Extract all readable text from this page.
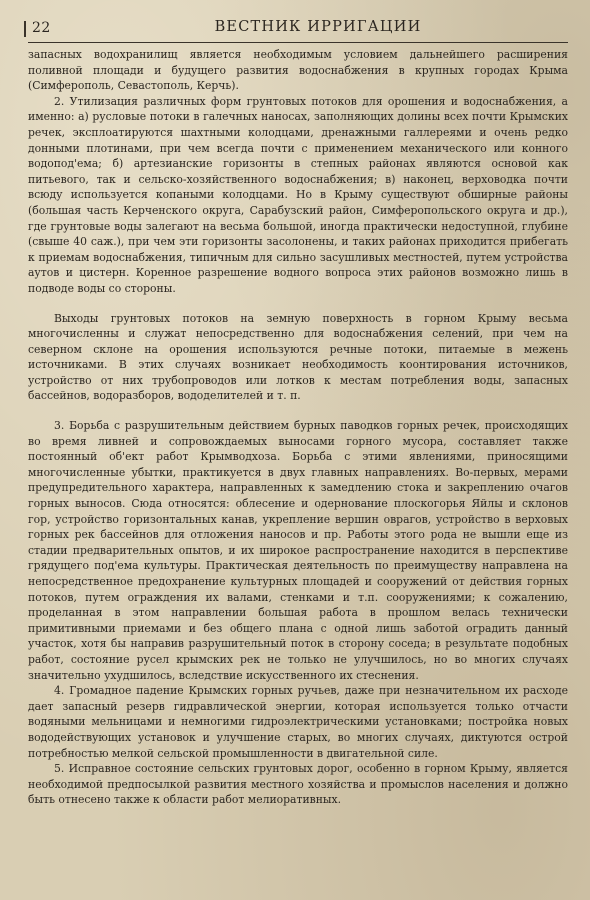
22	ВЕСТНИК ИРРИГАЦИИ

запасных водохранилищ является необходимым условием дальнейшего расширения поливной площади и будущего развития водоснабжения в крупных городах Крыма (Симферополь, Севастополь, Керчь).

2. Утилизация различных форм грунтовых потоков для орошения и водоснабжения, а именно: а) русловые потоки в галечных наносах, заполняющих долины всех почти Крымских речек, эксплоатируются шахтными колодцами, дренажными галлереями и очень редко донными плотинами, при чем всегда почти с применением механического или конного водопод'ема; б) артезианские горизонты в степных районах являются основой как питьевого, так и сельско-хозяйственного водоснабжения; в) наконец, верховодка почти всюду используется копаными колодцами. Но в Крыму существуют обширные районы (большая часть Керченского округа, Сарабузский район, Симферопольского округа и др.), где грунтовые воды залегают на весьма большой, иногда практически недоступной, глубине (свыше 40 саж.), при чем эти горизонты засолонены, и таких районах приходится прибегать к приемам водоснабжения, типичным для сильно засушливых местностей, путем устройства аутов и цистерн. Коренное разрешение водного вопроса этих районов возможно лишь в подводе воды со стороны.

Выходы грунтовых потоков на земную поверхность в горном Крыму весьма многочисленны и служат непосредственно для водоснабжения селений, при чем на северном склоне на орошения используются речные потоки, питаемые в межень источниками. В этих случаях возникает необходимость коонтирования источников, устройство от них трубопроводов или лотков к местам потребления воды, запасных бассейнов, водоразборов, вододелителей и т. п.

3. Борьба с разрушительным действием бурных паводков горных речек, происходящих во время ливней и сопровождаемых выносами горного мусора, составляет также постоянный об'ект работ Крымводхоза. Борьба с этими явлениями, приносящими многочисленные убытки, практикуется в двух главных направлениях. Во-первых, мерами предупредительного характера, направленных к замедлению стока и закреплению очагов горных выносов. Сюда относятся: облесение и одернование плоскогорья Яйлы и склонов гор, устройство горизонтальных канав, укрепление вершин оврагов, устройство в верховых горных рек бассейнов для отложения наносов и пр. Работы этого рода не вышли еще из стадии предварительных опытов, и их широкое распространение находится в перспективе грядущего под'ема культуры. Практическая деятельность по преимуществу направлена на непосредственное предохранение культурных площадей и сооружений от действия горных потоков, путем ограждения их валами, стенками и т.п. сооружениями; к сожалению, проделанная в этом направлении большая работа в прошлом велась технически примитивными приемами и без общего плана с одной лишь заботой оградить данный участок, хотя бы направив разрушительный поток в сторону соседа; в результате подобных работ, состояние русел крымских рек не только не улучшилось, но во многих случаях значительно ухудшилось, вследствие искусственного их стеснения.

4. Громадное падение Крымских горных ручьев, даже при незначительном их расходе дает запасный резерв гидравлической энергии, которая используется только отчасти водяными мельницами и немногими гидроэлектрическими установками; постройка новых вододействующих установок и улучшение старых, во многих случаях, диктуются острой потребностью мелкой сельской промышленности в двигательной силе.

5. Исправное состояние сельских грунтовых дорог, особенно в горном Крыму, является необходимой предпосылкой развития местного хозяйства и промыслов населения и должно быть отнесено также к области работ мелиоративных.
